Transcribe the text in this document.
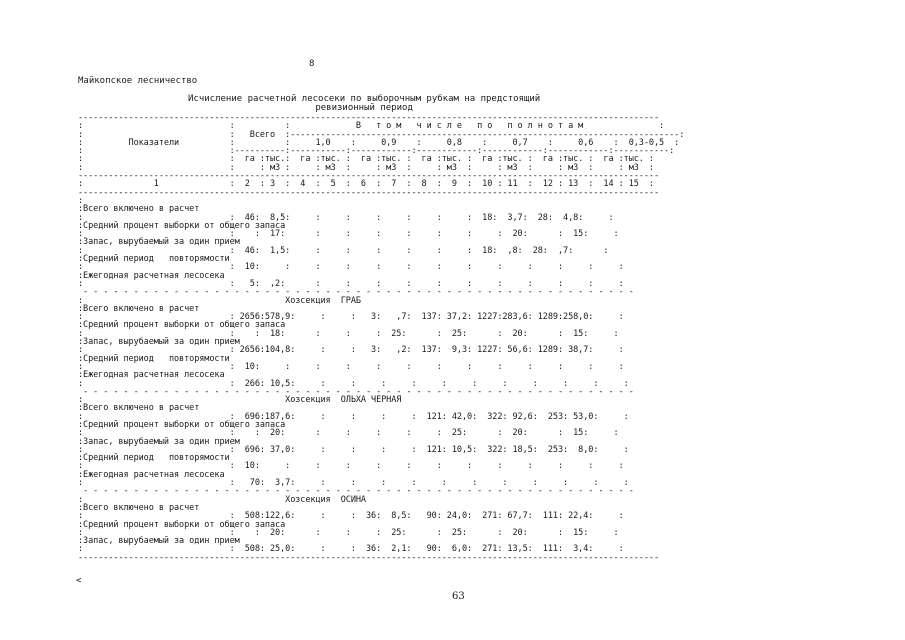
8
Майкопское лесничество
Исчисление расчетной лесосеки по выборочным рубкам на предстоящий
ревизионный период
-------------------------------------------------------------------------------------------------------------------
:                             :          :             В   т о м   ч и с л е   п о   п о л н о т а м               :
:                             :   Всего  :-----------------------------------------------------------------------------:
:         Показатели          :          :     1,0    :     0,9    :     0,8    :     0,7    :     0,6    :  0,3-0,5  :
:                             :----------:-----------:------------:------------:------------:------------:-----------:
:                             :  га :тыс.:  га :тыс. :  га :тыс. :  га :тыс. :  га :тыс. :  га :тыс. :  га :тыс. :
:                             :     : м3 :     : м3  :     : м3  :     : м3  :     : м3  :     : м3  :     : м3  :
-------------------------------------------------------------------------------------------------------------------
:              1              :  2  : 3  :  4  :  5  :  6  :  7  :  8  :  9  :  10 : 11  :  12 : 13  :  14 : 15  :
-------------------------------------------------------------------------------------------------------------------
:
:Всего включено в расчет
:                             :  46:  8,5:     :     :     :     :     :     :  18:  3,7:  28:  4,8:     :
:Средний процент выборки от общего запаса
:                             :    :  17:      :     :     :     :     :     :     :  20:      :  15:     :
:Запас, вырубаемый за один прием
:                             :  46:  1,5:     :     :     :     :     :     :  18:  ,8:  28:  ,7:      :
:Средний период   повторямости
:                             :  10:     :     :     :     :     :     :     :     :     :     :     :     :
:Ежегодная расчетная лесосека
:                             :   5:  ,2:      :     :     :     :     :     :     :     :     :     :     :
- - - - - - - - - - - - - - - - - - - - - - - - - - - - - - - - - - - - - - - - - - - - - - - - - - - - - - -
:                                        Хозсекция  ГРАБ
:Всего включено в расчет
:                             : 2656:578,9:     :     :   3:   ,7:  137: 37,2: 1227:283,6: 1289:258,0:     :
:Средний процент выборки от общего запаса
:                             :    :  18:      :     :     :  25:      :  25:      :  20:      :  15:     :
:Запас, вырубаемый за один прием
:                             : 2656:104,8:     :     :   3:   ,2:  137:  9,3: 1227: 56,6: 1289: 38,7:     :
:Средний период   повторямости
:                             :  10:     :     :     :     :     :     :     :     :     :     :     :     :
:Ежегодная расчетная лесосека
:                             :  266: 10,5:     :     :     :     :     :     :     :     :     :     :     :
- - - - - - - - - - - - - - - - - - - - - - - - - - - - - - - - - - - - - - - - - - - - - - - - - - - - - - -
:                                        Хозсекция  ОЛЬХА ЧЕРНАЯ
:Всего включено в расчет
:                             :  696:187,6:     :     :     :     :  121: 42,0:  322: 92,6:  253: 53,0:     :
:Средний процент выборки от общего запаса
:                             :    :  20:      :     :     :     :     :  25:      :  20:      :  15:     :
:Запас, вырубаемый за один прием
:                             :  696: 37,0:     :     :     :     :  121: 10,5:  322: 18,5:  253:  8,0:     :
:Средний период   повторямости
:                             :  10:     :     :     :     :     :     :     :     :     :     :     :     :
:Ежегодная расчетная лесосека
:                             :   70:  3,7:     :     :     :     :     :     :     :     :     :     :     :
- - - - - - - - - - - - - - - - - - - - - - - - - - - - - - - - - - - - - - - - - - - - - - - - - - - - - - -
:                                        Хозсекция  ОСИНА
:Всего включено в расчет
:                             :  508:122,6:     :     :  36:  8,5:   90: 24,0:  271: 67,7:  111: 22,4:     :
:Средний процент выборки от общего запаса
:                             :    :  20:      :     :     :  25:      :  25:      :  20:      :  15:     :
:Запас, вырубаемый за один прием
:                             :  508: 25,0:     :     :  36:  2,1:   90:  6,0:  271: 13,5:  111:  3,4:     :
-------------------------------------------------------------------------------------------------------------------
<
63
